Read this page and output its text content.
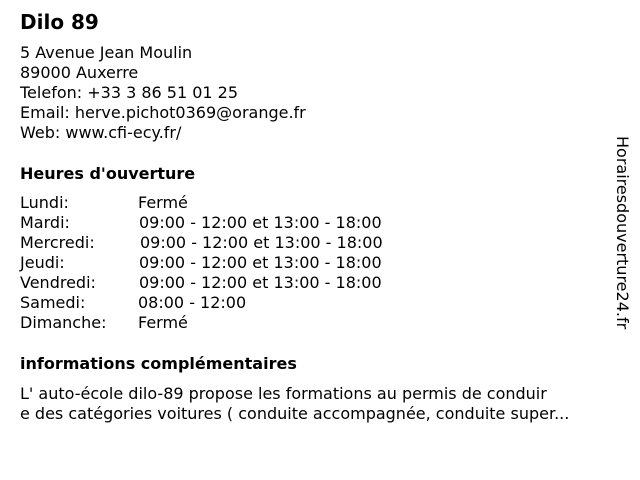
Dilo 89
5 Avenue Jean Moulin
89000 Auxerre
Telefon: +33 3 86 51 01 25
Email: herve.pichot0369@orange.fr
Web: www.cfi-ecy.fr/
Heures d'ouverture
Lundi:	Fermé
Mardi:	09:00 - 12:00 et 13:00 - 18:00
Mercredi:	09:00 - 12:00 et 13:00 - 18:00
Jeudi:	09:00 - 12:00 et 13:00 - 18:00
Vendredi:	09:00 - 12:00 et 13:00 - 18:00
Samedi:	08:00 - 12:00
Dimanche: Fermé
informations complémentaires
L' auto-école dilo-89 propose les formations au permis de conduir
e des catégories voitures ( conduite accompagnée, conduite super...
Horairesdouverture24.fr
